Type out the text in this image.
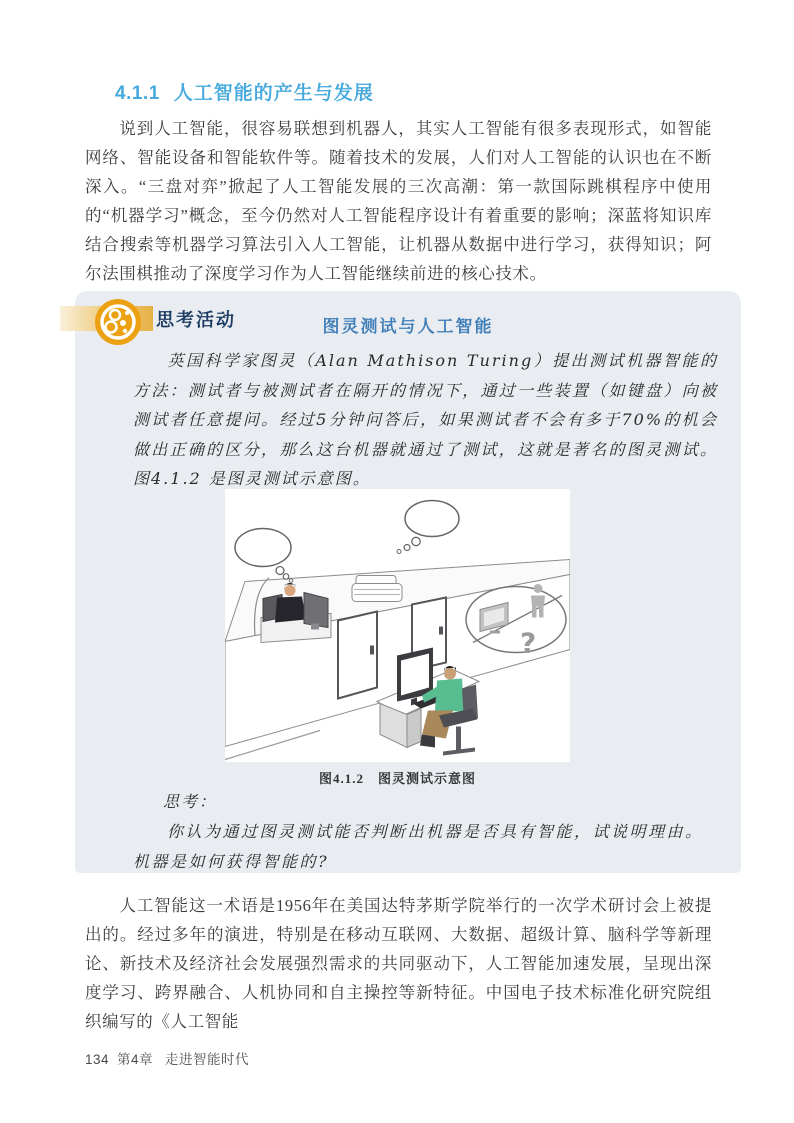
4.1.1 人工智能的产生与发展
说到人工智能，很容易联想到机器人，其实人工智能有很多表现形式，如智能网络、智能设备和智能软件等。随着技术的发展，人们对人工智能的认识也在不断深入。“三盘对弈”掀起了人工智能发展的三次高潮：第一款国际跳棋程序中使用的“机器学习”概念，至今仍然对人工智能程序设计有着重要的影响；深蓝将知识库结合搜索等机器学习算法引入人工智能，让机器从数据中进行学习，获得知识；阿尔法围棋推动了深度学习作为人工智能继续前进的核心技术。
图灵测试与人工智能
英国科学家图灵（Alan Mathison Turing）提出测试机器智能的方法：测试者与被测试者在隔开的情况下，通过一些装置（如键盘）向被测试者任意提问。经过5分钟问答后，如果测试者不会有多于70%的机会做出正确的区分，那么这台机器就通过了测试，这就是著名的图灵测试。图4.1.2 是图灵测试示意图。
?
图4.1.2　图灵测试示意图
思考：
你认为通过图灵测试能否判断出机器是否具有智能，试说明理由。机器是如何获得智能的?
思考活动
人工智能这一术语是1956年在美国达特茅斯学院举行的一次学术研讨会上被提出的。经过多年的演进，特别是在移动互联网、大数据、超级计算、脑科学等新理论、新技术及经济社会发展强烈需求的共同驱动下，人工智能加速发展，呈现出深度学习、跨界融合、人机协同和自主操控等新特征。中国电子技术标准化研究院组织编写的《人工智能
134 第4章 走进智能时代
